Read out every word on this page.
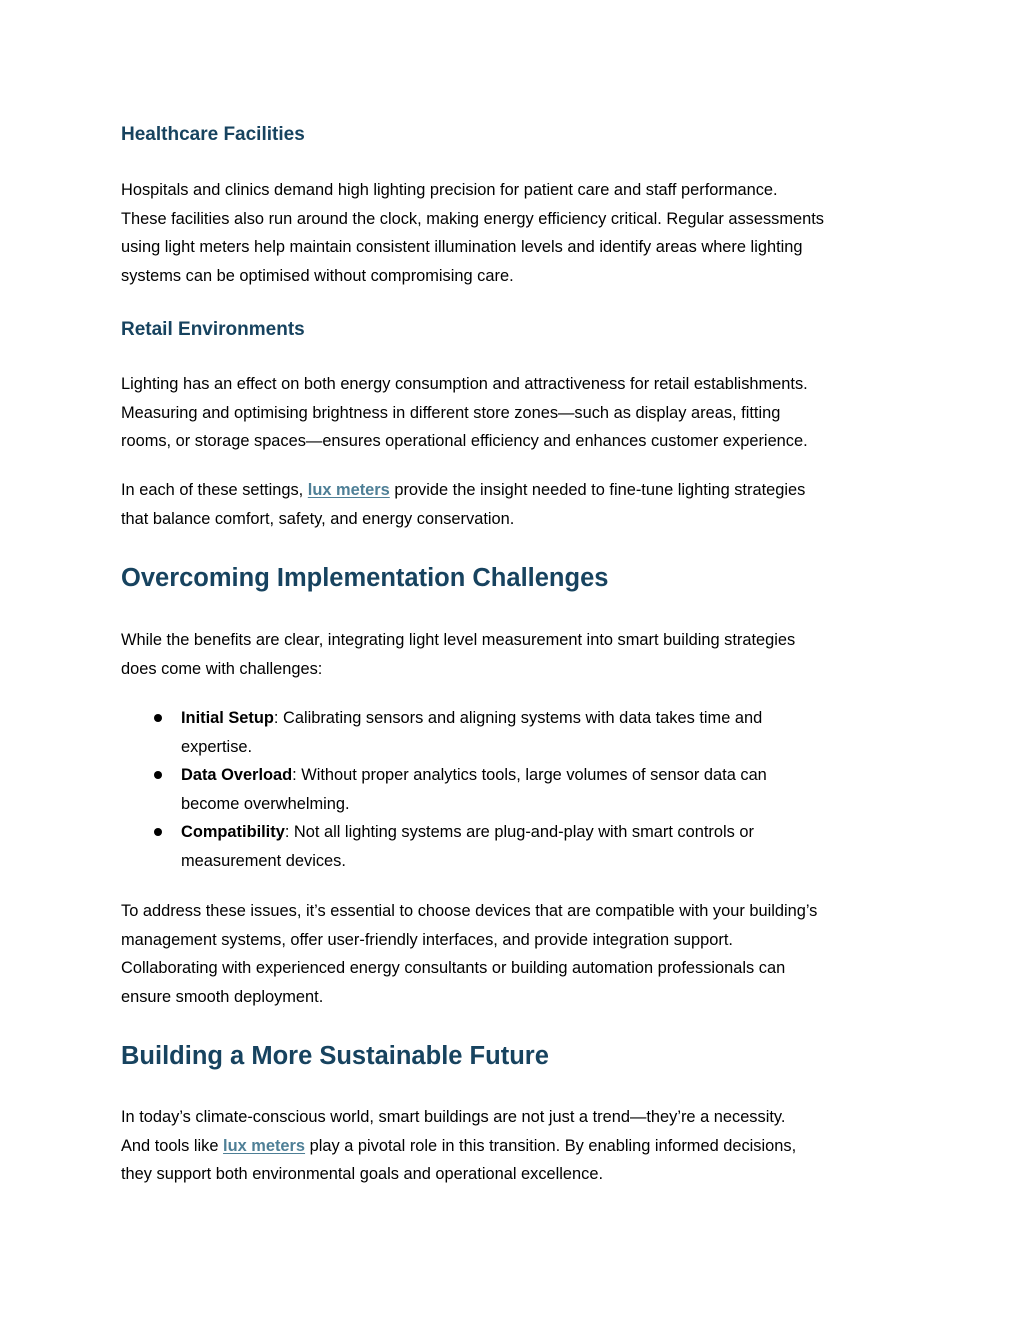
Healthcare Facilities
Hospitals and clinics demand high lighting precision for patient care and staff performance.
These facilities also run around the clock, making energy efficiency critical. Regular assessments
using light meters help maintain consistent illumination levels and identify areas where lighting
systems can be optimised without compromising care.
Retail Environments
Lighting has an effect on both energy consumption and attractiveness for retail establishments.
Measuring and optimising brightness in different store zones—such as display areas, fitting
rooms, or storage spaces—ensures operational efficiency and enhances customer experience.
In each of these settings, lux meters provide the insight needed to fine-tune lighting strategies
that balance comfort, safety, and energy conservation.
Overcoming Implementation Challenges
While the benefits are clear, integrating light level measurement into smart building strategies
does come with challenges:
Initial Setup: Calibrating sensors and aligning systems with data takes time and
expertise.
Data Overload: Without proper analytics tools, large volumes of sensor data can
become overwhelming.
Compatibility: Not all lighting systems are plug-and-play with smart controls or
measurement devices.
To address these issues, it’s essential to choose devices that are compatible with your building’s
management systems, offer user-friendly interfaces, and provide integration support.
Collaborating with experienced energy consultants or building automation professionals can
ensure smooth deployment.
Building a More Sustainable Future
In today’s climate-conscious world, smart buildings are not just a trend—they’re a necessity.
And tools like lux meters play a pivotal role in this transition. By enabling informed decisions,
they support both environmental goals and operational excellence.
